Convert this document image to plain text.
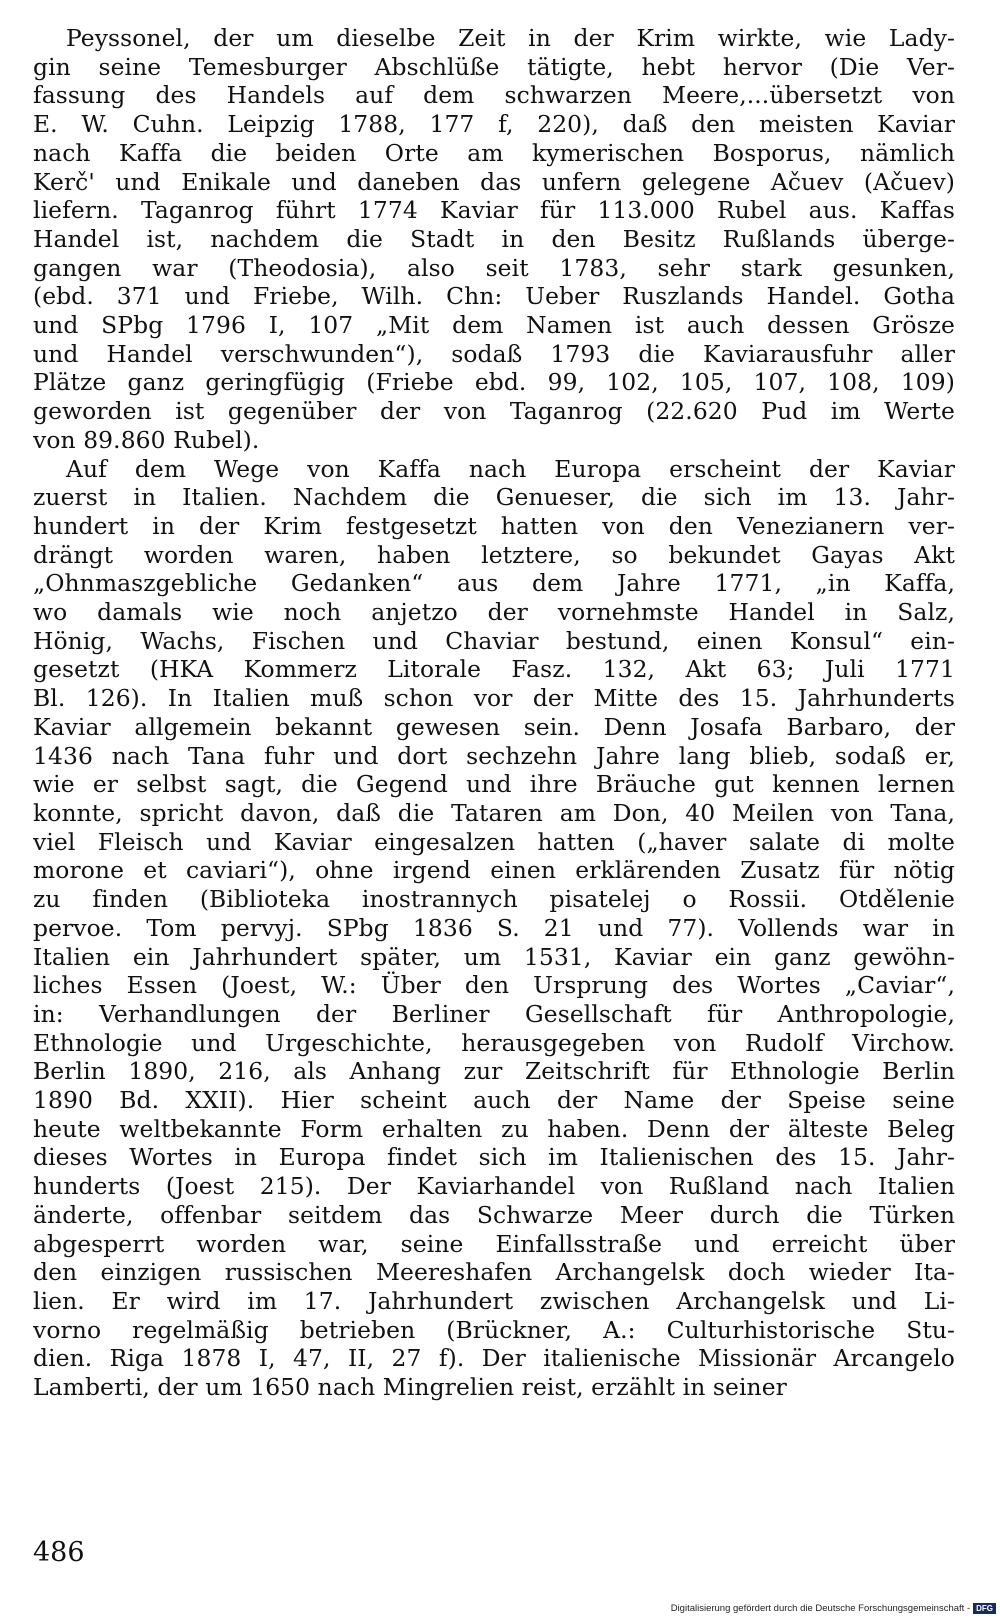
Peyssonel, der um dieselbe Zeit in der Krim wirkte, wie Lady-
gin seine Temesburger Abschlüße tätigte, hebt hervor (Die Ver-
fassung des Handels auf dem schwarzen Meere,...übersetzt von
E. W. Cuhn. Leipzig 1788, 177 f, 220), daß den meisten Kaviar
nach Kaffa die beiden Orte am kymerischen Bosporus, nämlich
Kerč' und Enikale und daneben das unfern gelegene Ačuev (Ačuev)
liefern. Taganrog führt 1774 Kaviar für 113.000 Rubel aus. Kaffas
Handel ist, nachdem die Stadt in den Besitz Rußlands überge-
gangen war (Theodosia), also seit 1783, sehr stark gesunken,
(ebd. 371 und Friebe, Wilh. Chn: Ueber Ruszlands Handel. Gotha
und SPbg 1796 I, 107 „Mit dem Namen ist auch dessen Grösze
und Handel verschwunden“), sodaß 1793 die Kaviarausfuhr aller
Plätze ganz geringfügig (Friebe ebd. 99, 102, 105, 107, 108, 109)
geworden ist gegenüber der von Taganrog (22.620 Pud im Werte
von 89.860 Rubel).

Auf dem Wege von Kaffa nach Europa erscheint der Kaviar
zuerst in Italien. Nachdem die Genueser, die sich im 13. Jahr-
hundert in der Krim festgesetzt hatten von den Venezianern ver-
drängt worden waren, haben letztere, so bekundet Gayas Akt
„Ohnmaszgebliche Gedanken“ aus dem Jahre 1771, „in Kaffa,
wo damals wie noch anjetzo der vornehmste Handel in Salz,
Hönig, Wachs, Fischen und Chaviar bestund, einen Konsul“ ein-
gesetzt (HKA Kommerz Litorale Fasz. 132, Akt 63; Juli 1771
Bl. 126). In Italien muß schon vor der Mitte des 15. Jahrhunderts
Kaviar allgemein bekannt gewesen sein. Denn Josafa Barbaro, der
1436 nach Tana fuhr und dort sechzehn Jahre lang blieb, sodaß er,
wie er selbst sagt, die Gegend und ihre Bräuche gut kennen lernen
konnte, spricht davon, daß die Tataren am Don, 40 Meilen von Tana,
viel Fleisch und Kaviar eingesalzen hatten („haver salate di molte
morone et caviari“), ohne irgend einen erklärenden Zusatz für nötig
zu finden (Biblioteka inostrannych pisatelej o Rossii. Otdělenie
pervoe. Tom pervyj. SPbg 1836 S. 21 und 77). Vollends war in
Italien ein Jahrhundert später, um 1531, Kaviar ein ganz gewöhn-
liches Essen (Joest, W.: Über den Ursprung des Wortes „Caviar“,
in: Verhandlungen der Berliner Gesellschaft für Anthropologie,
Ethnologie und Urgeschichte, herausgegeben von Rudolf Virchow.
Berlin 1890, 216, als Anhang zur Zeitschrift für Ethnologie Berlin
1890 Bd. XXII). Hier scheint auch der Name der Speise seine
heute weltbekannte Form erhalten zu haben. Denn der älteste Beleg
dieses Wortes in Europa findet sich im Italienischen des 15. Jahr-
hunderts (Joest 215). Der Kaviarhandel von Rußland nach Italien
änderte, offenbar seitdem das Schwarze Meer durch die Türken
abgesperrt worden war, seine Einfallsstraße und erreicht über
den einzigen russischen Meereshafen Archangelsk doch wieder Ita-
lien. Er wird im 17. Jahrhundert zwischen Archangelsk und Li-
vorno regelmäßig betrieben (Brückner, A.: Culturhistorische Stu-
dien. Riga 1878 I, 47, II, 27 f). Der italienische Missionär Arcangelo
Lamberti, der um 1650 nach Mingrelien reist, erzählt in seiner

486
Digitalisierung gefördert durch die Deutsche Forschungsgemeinschaft - DFG
